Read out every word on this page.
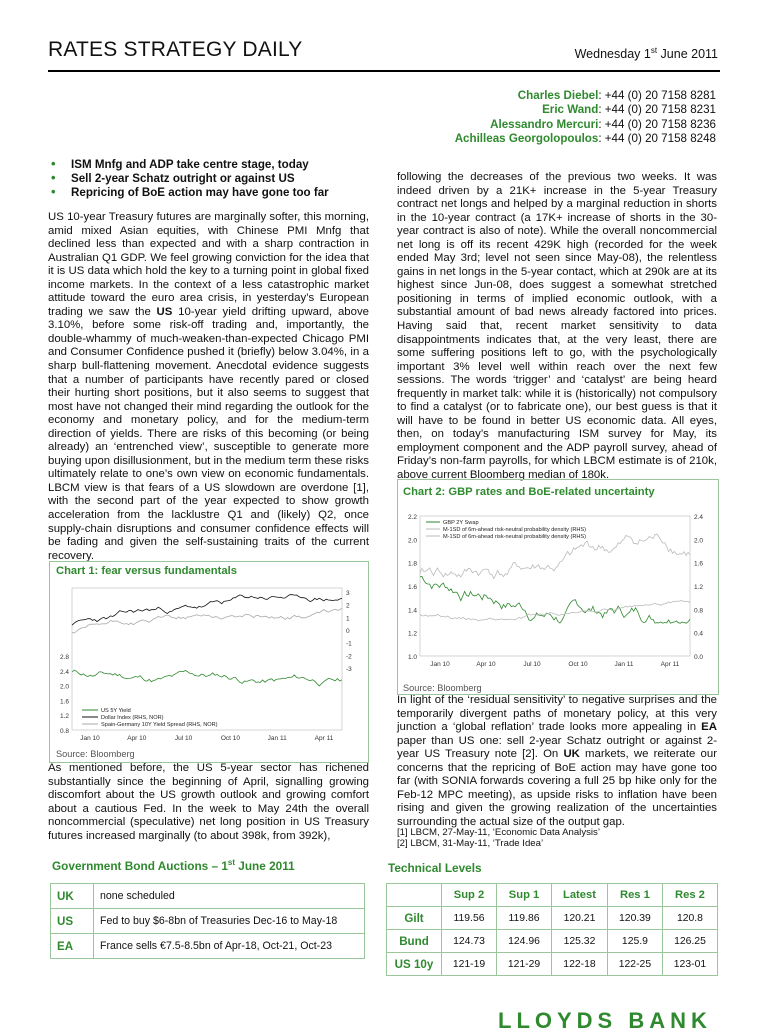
RATES STRATEGY DAILY	Wednesday 1st June 2011
Charles Diebel: +44 (0) 20 7158 8281
Eric Wand: +44 (0) 20 7158 8231
Alessandro Mercuri: +44 (0) 20 7158 8236
Achilleas Georgolopoulos: +44 (0) 20 7158 8248
• ISM Mnfg and ADP take centre stage, today
• Sell 2-year Schatz outright or against US
• Repricing of BoE action may have gone too far

US 10-year Treasury futures are marginally softer, this morning, amid mixed Asian equities, with Chinese PMI Mnfg that declined less than expected and with a sharp contraction in Australian Q1 GDP. We feel growing conviction for the idea that it is US data which hold the key to a turning point in global fixed income markets. In the context of a less catastrophic market attitude toward the euro area crisis, in yesterday’s European trading we saw the US 10-year yield drifting upward, above 3.10%, before some risk-off trading and, importantly, the double-whammy of much-weaken-than-expected Chicago PMI and Consumer Confidence pushed it (briefly) below 3.04%, in a sharp bull-flattening movement. Anecdotal evidence suggests that a number of participants have recently pared or closed their hurting short positions, but it also seems to suggest that most have not changed their mind regarding the outlook for the economy and monetary policy, and for the medium-term direction of yields. There are risks of this becoming (or being already) an ‘entrenched view’, susceptible to generate more buying upon disillusionment, but in the medium term these risks ultimately relate to one’s own view on economic fundamentals. LBCM view is that fears of a US slowdown are overdone [1], with the second part of the year expected to show growth acceleration from the lacklustre Q1 and (likely) Q2, once supply-chain disruptions and consumer confidence effects will be fading and given the self-sustaining traits of the current recovery.

Chart 1: fear versus fundamentals
2.8
2.4
2.0
1.6
1.2
0.8
3
2
1
0
-1
-2
-3
Jan 10	Apr 10	Jul 10	Oct 10	Jan 11	Apr 11
US 5Y Yield
Dollar Index (RHS, NOR)
Spain-Germany 10Y Yield Spread (RHS, NOR)
Source: Bloomberg

As mentioned before, the US 5-year sector has richened substantially since the beginning of April, signalling growing discomfort about the US growth outlook and growing comfort about a cautious Fed. In the week to May 24th the overall noncommercial (speculative) net long position in US Treasury futures increased marginally (to about 398k, from 392k),

following the decreases of the previous two weeks. It was indeed driven by a 21K+ increase in the 5-year Treasury contract net longs and helped by a marginal reduction in shorts in the 10-year contract (a 17K+ increase of shorts in the 30-year contract is also of note). While the overall noncommercial net long is off its recent 429K high (recorded for the week ended May 3rd; level not seen since May-08), the relentless gains in net longs in the 5-year contact, which at 290k are at its highest since Jun-08, does suggest a somewhat stretched positioning in terms of implied economic outlook, with a substantial amount of bad news already factored into prices. Having said that, recent market sensitivity to data disappointments indicates that, at the very least, there are some suffering positions left to go, with the psychologically important 3% level well within reach over the next few sessions. The words ‘trigger’ and ‘catalyst’ are being heard frequently in market talk: while it is (historically) not compulsory to find a catalyst (or to fabricate one), our best guess is that it will have to be found in better US economic data. All eyes, then, on today’s manufacturing ISM survey for May, its employment component and the ADP payroll survey, ahead of Friday’s non-farm payrolls, for which LBCM estimate is of 210k, above current Bloomberg median of 180k.

Chart 2: GBP rates and BoE-related uncertainty
2.2
2.0
1.8
1.6
1.4
1.2
1.0
2.4
2.0
1.6
1.2
0.8
0.4
0.0
Jan 10	Apr 10	Jul 10	Oct 10	Jan 11	Apr 11
GBP 2Y Swap
M-1SD of 6m-ahead risk-neutral probability density (RHS)
M-1SD of 6m-ahead risk-neutral probability density (RHS)
Source: Bloomberg

In light of the ‘residual sensitivity’ to negative surprises and the temporarily divergent paths of monetary policy, at this very junction a ‘global reflation’ trade looks more appealing in EA paper than US one: sell 2-year Schatz outright or against 2-year US Treasury note [2]. On UK markets, we reiterate our concerns that the repricing of BoE action may have gone too far (with SONIA forwards covering a full 25 bp hike only for the Feb-12 MPC meeting), as upside risks to inflation have been rising and given the growing realization of the uncertainties surrounding the actual size of the output gap.

[1] LBCM, 27-May-11, ‘Economic Data Analysis’
[2] LBCM, 31-May-11, ‘Trade Idea’
Government Bond Auctions – 1st June 2011
UK	none scheduled
US	Fed to buy $6-8bn of Treasuries Dec-16 to May-18
EA	France sells €7.5-8.5bn of Apr-18, Oct-21, Oct-23
Technical Levels
	Sup 2	Sup 1	Latest	Res 1	Res 2
Gilt	119.56	119.86	120.21	120.39	120.8
Bund	124.73	124.96	125.32	125.9	126.25
US 10y	121-19	121-29	122-18	122-25	123-01
LLOYDS BANK
